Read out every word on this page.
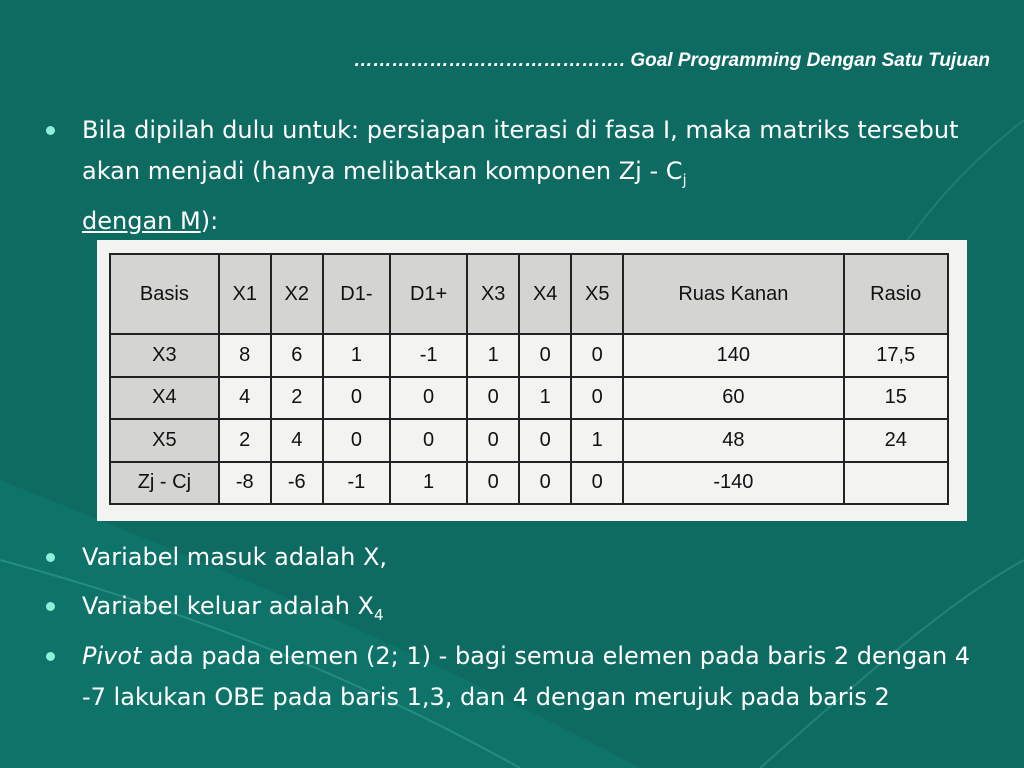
……………………………………. Goal Programming Dengan Satu Tujuan
Bila dipilah dulu untuk: persiapan iterasi di fasa I, maka matriks tersebut akan menjadi (hanya melibatkan komponen Zj - $C_j$
dengan M):
Basis	X1	X2	D1-	D1+	X3	X4	X5	Ruas Kanan	Rasio
X3	8	6	1	-1	1	0	0	140	17,5
X4	4	2	0	0	0	1	0	60	15
X5	2	4	0	0	0	0	1	48	24
Zj - Cj	-8	-6	-1	1	0	0	0	-140	
Variabel masuk adalah X,
Variabel keluar adalah $X_4$
Pivot ada pada elemen (2; 1) - bagi semua elemen pada baris 2 dengan 4 -7 lakukan OBE pada baris 1,3, dan 4 dengan merujuk pada baris 2
